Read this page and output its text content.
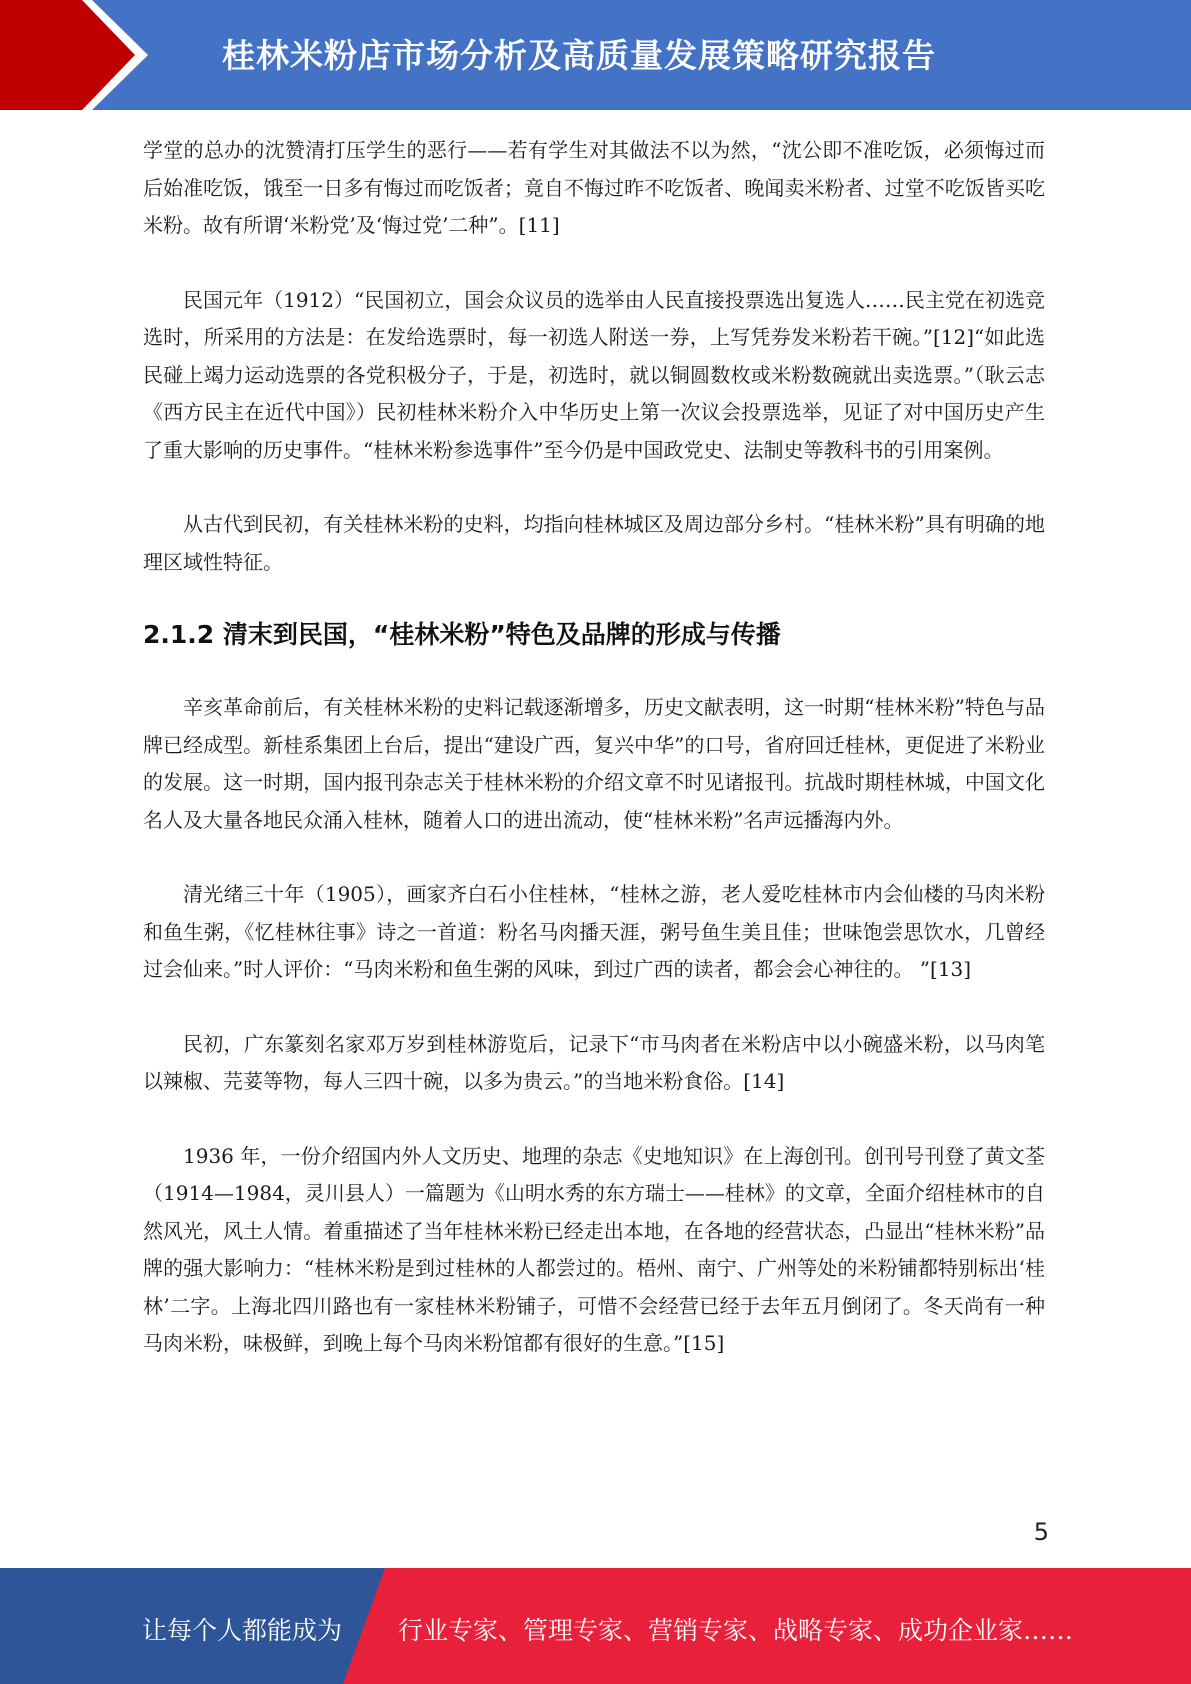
桂林米粉店市场分析及高质量发展策略研究报告

学堂的总办的沈赞清打压学生的恶行——若有学生对其做法不以为然，“沈公即不准吃饭，必须悔过而后始准吃饭，饿至一日多有悔过而吃饭者；竟自不悔过昨不吃饭者、晚闻卖米粉者、过堂不吃饭皆买吃米粉。故有所谓‘米粉党’及‘悔过党’二种”。[11]

民国元年（1912）“民国初立，国会众议员的选举由人民直接投票选出复选人……民主党在初选竞选时，所采用的方法是：在发给选票时，每一初选人附送一券，上写凭券发米粉若干碗。”[12]“如此选民碰上竭力运动选票的各党积极分子，于是，初选时，就以铜圆数枚或米粉数碗就出卖选票。”（耿云志《西方民主在近代中国》）民初桂林米粉介入中华历史上第一次议会投票选举，见证了对中国历史产生了重大影响的历史事件。“桂林米粉参选事件”至今仍是中国政党史、法制史等教科书的引用案例。

从古代到民初，有关桂林米粉的史料，均指向桂林城区及周边部分乡村。“桂林米粉”具有明确的地理区域性特征。

2.1.2 清末到民国，“桂林米粉”特色及品牌的形成与传播

辛亥革命前后，有关桂林米粉的史料记载逐渐增多，历史文献表明，这一时期“桂林米粉”特色与品牌已经成型。新桂系集团上台后，提出“建设广西，复兴中华”的口号，省府回迁桂林，更促进了米粉业的发展。这一时期，国内报刊杂志关于桂林米粉的介绍文章不时见诸报刊。抗战时期桂林城，中国文化名人及大量各地民众涌入桂林，随着人口的进出流动，使“桂林米粉”名声远播海内外。

清光绪三十年（1905），画家齐白石小住桂林，“桂林之游，老人爱吃桂林市内会仙楼的马肉米粉和鱼生粥，《忆桂林往事》诗之一首道：粉名马肉播天涯，粥号鱼生美且佳；世味饱尝思饮水，几曾经过会仙来。”时人评价：“马肉米粉和鱼生粥的风味，到过广西的读者，都会会心神往的。 ”[13]

民初，广东篆刻名家邓万岁到桂林游览后，记录下“市马肉者在米粉店中以小碗盛米粉，以马肉笔以辣椒、芫荽等物，每人三四十碗，以多为贵云。”的当地米粉食俗。[14]

1936 年，一份介绍国内外人文历史、地理的杂志《史地知识》在上海创刊。创刊号刊登了黄文荃（1914—1984，灵川县人）一篇题为《山明水秀的东方瑞士——桂林》的文章，全面介绍桂林市的自然风光，风土人情。着重描述了当年桂林米粉已经走出本地，在各地的经营状态，凸显出“桂林米粉”品牌的强大影响力：“桂林米粉是到过桂林的人都尝过的。梧州、南宁、广州等处的米粉铺都特别标出‘桂林’二字。上海北四川路也有一家桂林米粉铺子，可惜不会经营已经于去年五月倒闭了。冬天尚有一种马肉米粉，味极鲜，到晚上每个马肉米粉馆都有很好的生意。”[15]

5
让每个人都能成为 行业专家、管理专家、营销专家、战略专家、成功企业家……
